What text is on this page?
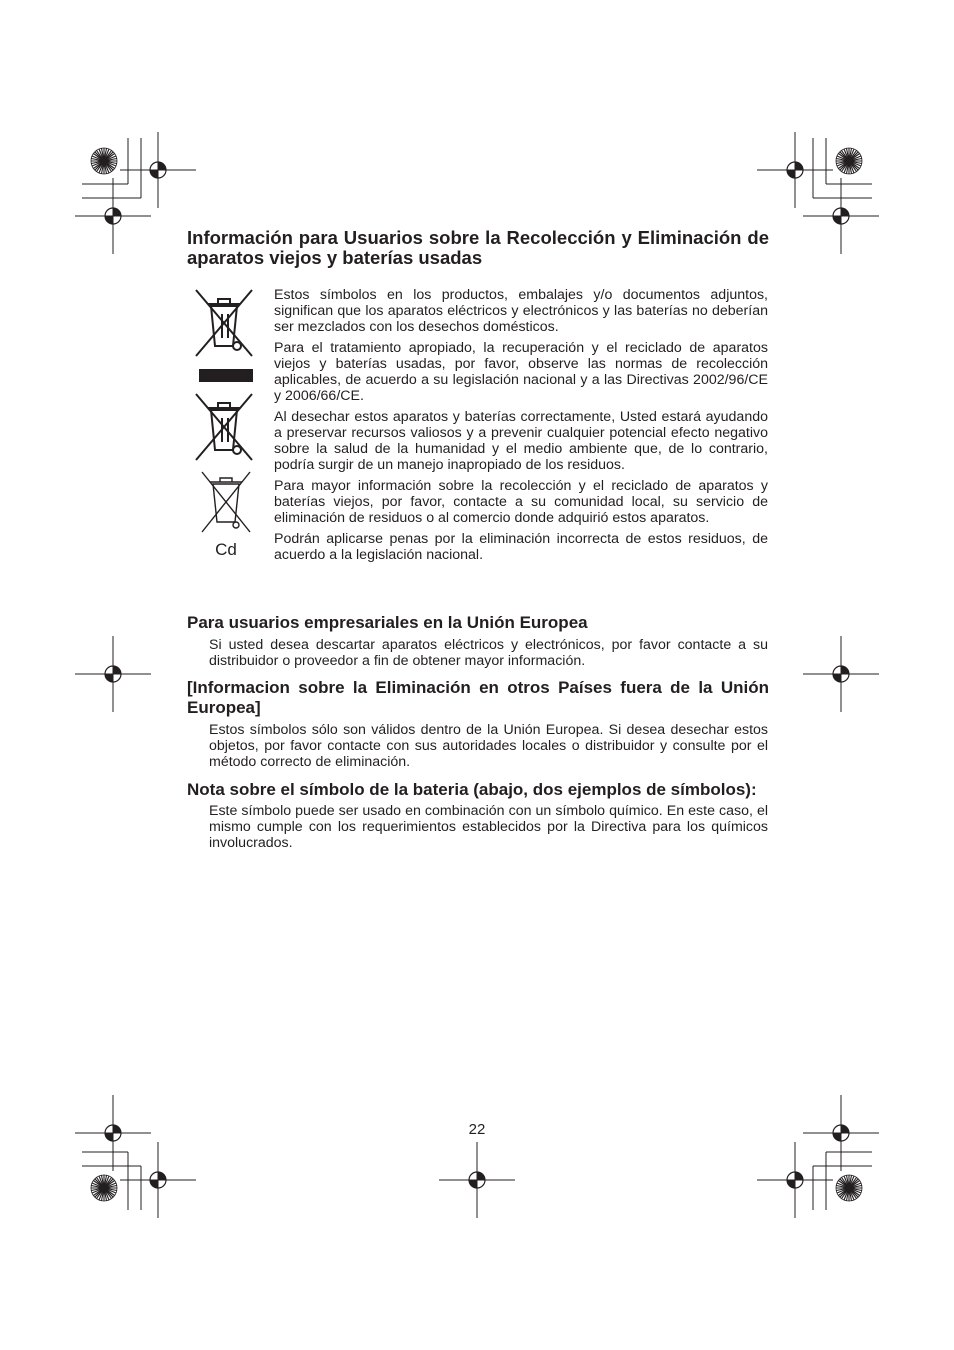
Información para Usuarios sobre la Recolección y Eliminación de aparatos viejos y baterías usadas
Cd

Estos símbolos en los productos, embalajes y/o documentos adjuntos, significan que los aparatos eléctricos y electrónicos y las baterías no deberían ser mezclados con los desechos domésticos.

Para el tratamiento apropiado, la recuperación y el reciclado de aparatos viejos y baterías usadas, por favor, observe las normas de recolección aplicables, de acuerdo a su legislación nacional y a las Directivas 2002/96/CE y 2006/66/CE.

Al desechar estos aparatos y baterías correctamente, Usted estará ayudando a preservar recursos valiosos y a prevenir cualquier potencial efecto negativo sobre la salud de la humanidad y el medio ambiente que, de lo contrario, podría surgir de un manejo inapropiado de los residuos.

Para mayor información sobre la recolección y el reciclado de aparatos y baterías viejos, por favor, contacte a su comunidad local, su servicio de eliminación de residuos o al comercio donde adquirió estos aparatos.

Podrán aplicarse penas por la eliminación incorrecta de estos residuos, de acuerdo a la legislación nacional.

Para usuarios empresariales en la Unión Europea

Si usted desea descartar aparatos eléctricos y electrónicos, por favor contacte a su distribuidor o proveedor a fin de obtener mayor información.

[Informacion sobre la Eliminación en otros Países fuera de la Unión Europea]

Estos símbolos sólo son válidos dentro de la Unión Europea. Si desea desechar estos objetos, por favor contacte con sus autoridades locales o distribuidor y consulte por el método correcto de eliminación.

Nota sobre el símbolo de la bateria (abajo, dos ejemplos de símbolos):

Este símbolo puede ser usado en combinación con un símbolo químico. En este caso, el mismo cumple con los requerimientos establecidos por la Directiva para los químicos involucrados.

22
